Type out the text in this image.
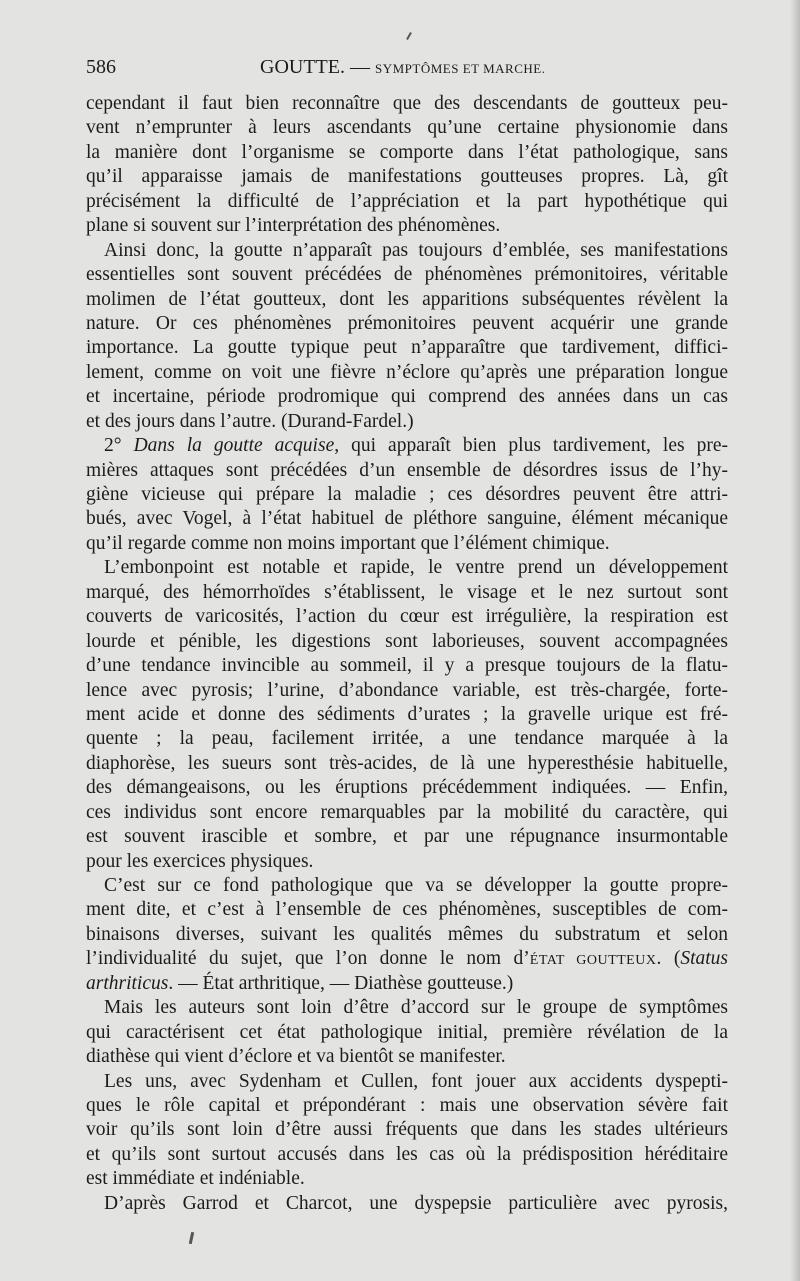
586	GOUTTE. — SYMPTÔMES ET MARCHE.
cependant il faut bien reconnaître que des descendants de goutteux peu-
vent n’emprunter à leurs ascendants qu’une certaine physionomie dans
la manière dont l’organisme se comporte dans l’état pathologique, sans
qu’il apparaisse jamais de manifestations goutteuses propres. Là, gît
précisément la difficulté de l’appréciation et la part hypothétique qui
plane si souvent sur l’interprétation des phénomènes.
Ainsi donc, la goutte n’apparaît pas toujours d’emblée, ses manifestations
essentielles sont souvent précédées de phénomènes prémonitoires, véritable
molimen de l’état goutteux, dont les apparitions subséquentes révèlent la
nature. Or ces phénomènes prémonitoires peuvent acquérir une grande
importance. La goutte typique peut n’apparaître que tardivement, diffici-
lement, comme on voit une fièvre n’éclore qu’après une préparation longue
et incertaine, période prodromique qui comprend des années dans un cas
et des jours dans l’autre. (Durand-Fardel.)
2° Dans la goutte acquise, qui apparaît bien plus tardivement, les pre-
mières attaques sont précédées d’un ensemble de désordres issus de l’hy-
giène vicieuse qui prépare la maladie ; ces désordres peuvent être attri-
bués, avec Vogel, à l’état habituel de pléthore sanguine, élément mécanique
qu’il regarde comme non moins important que l’élément chimique.
L’embonpoint est notable et rapide, le ventre prend un développement
marqué, des hémorrhoïdes s’établissent, le visage et le nez surtout sont
couverts de varicosités, l’action du cœur est irrégulière, la respiration est
lourde et pénible, les digestions sont laborieuses, souvent accompagnées
d’une tendance invincible au sommeil, il y a presque toujours de la flatu-
lence avec pyrosis; l’urine, d’abondance variable, est très-chargée, forte-
ment acide et donne des sédiments d’urates ; la gravelle urique est fré-
quente ; la peau, facilement irritée, a une tendance marquée à la
diaphorèse, les sueurs sont très-acides, de là une hyperesthésie habituelle,
des démangeaisons, ou les éruptions précédemment indiquées. — Enfin,
ces individus sont encore remarquables par la mobilité du caractère, qui
est souvent irascible et sombre, et par une répugnance insurmontable
pour les exercices physiques.
C’est sur ce fond pathologique que va se développer la goutte propre-
ment dite, et c’est à l’ensemble de ces phénomènes, susceptibles de com-
binaisons diverses, suivant les qualités mêmes du substratum et selon
l’individualité du sujet, que l’on donne le nom d’ÉTAT GOUTTEUX. (Status
arthriticus. — État arthritique, — Diathèse goutteuse.)
Mais les auteurs sont loin d’être d’accord sur le groupe de symptômes
qui caractérisent cet état pathologique initial, première révélation de la
diathèse qui vient d’éclore et va bientôt se manifester.
Les uns, avec Sydenham et Cullen, font jouer aux accidents dyspepti-
ques le rôle capital et prépondérant : mais une observation sévère fait
voir qu’ils sont loin d’être aussi fréquents que dans les stades ultérieurs
et qu’ils sont surtout accusés dans les cas où la prédisposition héréditaire
est immédiate et indéniable.
D’après Garrod et Charcot, une dyspepsie particulière avec pyrosis,
